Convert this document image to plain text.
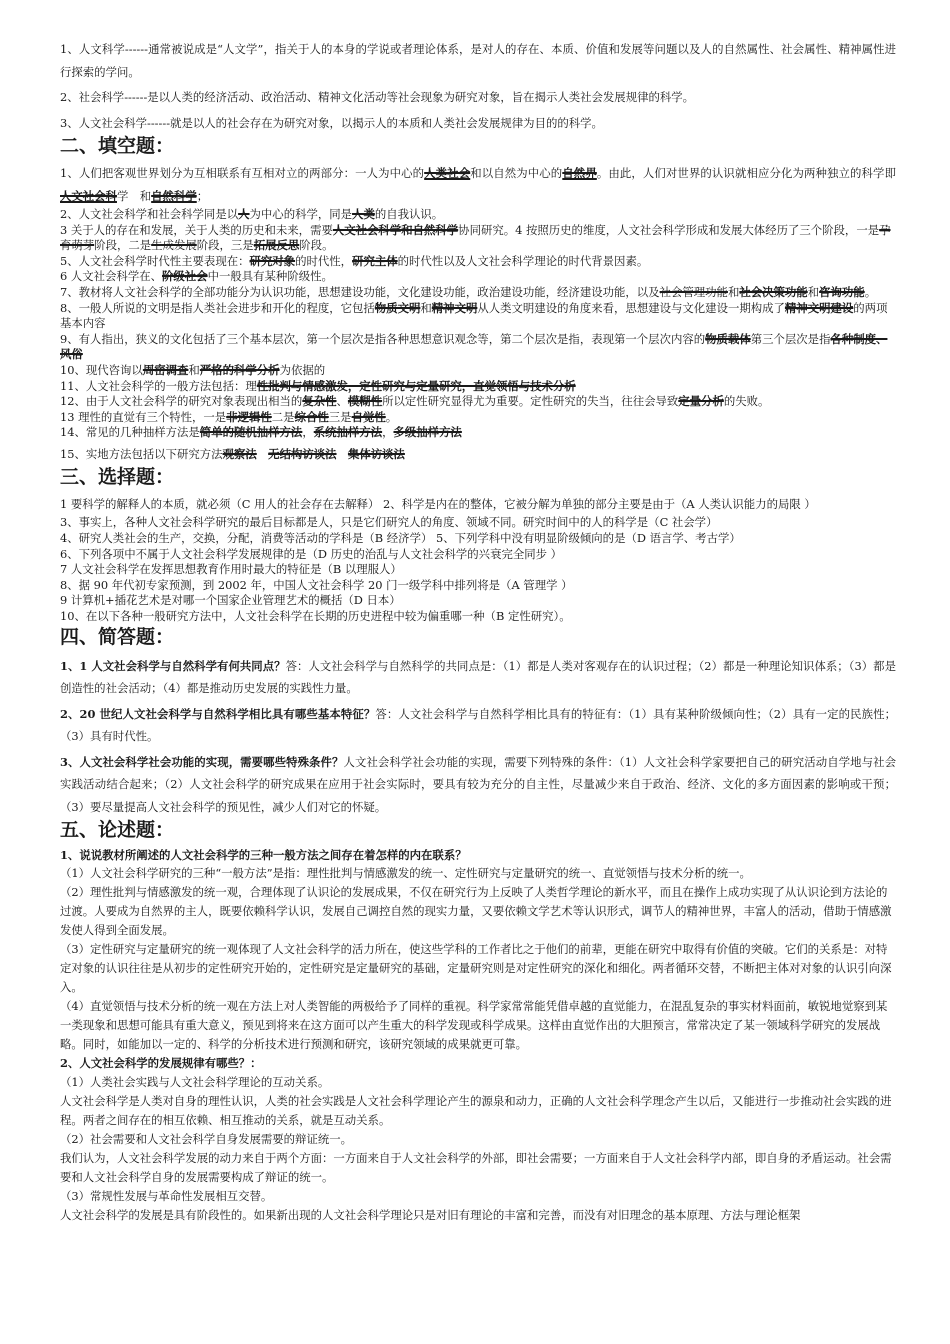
1、人文科学------通常被说成是“人文学”，指关于人的本身的学说或者理论体系，是对人的存在、本质、价值和发展等问题以及人的自然属性、社会属性、精神属性进行探索的学问。

2、社会科学------是以人类的经济活动、政治活动、精神文化活动等社会现象为研究对象，旨在揭示人类社会发展规律的科学。

3、人文社会科学------就是以人的社会存在为研究对象，以揭示人的本质和人类社会发展规律为目的的科学。

二、填空题：

1、人们把客观世界划分为互相联系有互相对立的两部分：一人为中心的人类社会和以自然为中心的自然界。由此，人们对世界的认识就相应分化为两种独立的科学即人文社会科学　和自然科学；

2、人文社会科学和社会科学同是以人为中心的科学，同是人类的自我认识。

3 关于人的存在和发展，关于人类的历史和未来，需要人文社会科学和自然科学协同研究。4 按照历史的维度，人文社会科学形成和发展大体经历了三个阶段，一是孕育萌芽阶段，二是生成发展阶段，三是拓展反思阶段。

5、人文社会科学时代性主要表现在：研究对象的时代性，研究主体的时代性以及人文社会科学理论的时代背景因素。

6 人文社会科学在、阶级社会中一般具有某种阶级性。

7、教材将人文社会科学的全部功能分为认识功能，思想建设功能，文化建设功能，政治建设功能，经济建设功能，以及社会管理功能和社会决策功能和咨询功能。

8、一般人所说的文明是指人类社会进步和开化的程度，它包括物质文明和精神文明从人类文明建设的角度来看，思想建设与文化建设一期构成了精神文明建设的两项基本内容

9、有人指出，狭义的文化包括了三个基本层次，第一个层次是指各种思想意识观念等，第二个层次是指，表现第一个层次内容的物质载体第三个层次是指各种制度、风俗

10、现代咨询以周密调查和严格的科学分析为依据的

11、人文社会科学的一般方法包括：理性批判与情感激发，定性研究与定量研究，直觉领悟与技术分析

12、由于人文社会科学的研究对象表现出相当的复杂性、模糊性所以定性研究显得尤为重要。定性研究的失当，往往会导致定量分析的失败。

13 理性的直觉有三个特性，一是非逻辑性二是综合性三是自觉性。

14、常见的几种抽样方法是简单的随机抽样方法，系统抽样方法，多级抽样方法

15、实地方法包括以下研究方法观察法　 无结构访谈法　 集体访谈法

三、选择题：

1 要科学的解释人的本质，就必须（C 用人的社会存在去解释） 2、科学是内在的整体，它被分解为单独的部分主要是由于（A 人类认识能力的局限 ）

3、事实上，各种人文社会科学研究的最后目标都是人，只是它们研究人的角度、领域不同。研究时间中的人的科学是（C 社会学）

4、研究人类社会的生产，交换，分配，消费等活动的学科是（B 经济学） 5、下列学科中没有明显阶级倾向的是（D 语言学、考古学）

6、下列各项中不属于人文社会科学发展规律的是（D 历史的治乱与人文社会科学的兴衰完全同步 ）

7 人文社会科学在发挥思想教育作用时最大的特征是（B 以理服人）

8、据 90 年代初专家预测，到 2002 年，中国人文社会科学 20 门一级学科中排列将是（A 管理学 ）

9 计算机+插花艺术是对哪一个国家企业管理艺术的概括（D 日本）

10、在以下各种一般研究方法中，人文社会科学在长期的历史进程中较为偏重哪一种（B 定性研究）。

四、简答题：

1、1 人文社会科学与自然科学有何共同点？答：人文社会科学与自然科学的共同点是：（1）都是人类对客观存在的认识过程；（2）都是一种理论知识体系；（3）都是创造性的社会活动；（4）都是推动历史发展的实践性力量。

2、20 世纪人文社会科学与自然科学相比具有哪些基本特征？答：人文社会科学与自然科学相比具有的特征有：（1）具有某种阶级倾向性；（2）具有一定的民族性；（3）具有时代性。

3、人文社会科学社会功能的实现，需要哪些特殊条件？人文社会科学社会功能的实现，需要下列特殊的条件：（1）人文社会科学家要把自己的研究活动自学地与社会实践活动结合起来；（2）人文社会科学的研究成果在应用于社会实际时，要具有较为充分的自主性，尽量减少来自于政治、经济、文化的多方面因素的影响或干预；（3）要尽量提高人文社会科学的预见性，减少人们对它的怀疑。

五、论述题：

1、说说教材所阐述的人文社会科学的三种一般方法之间存在着怎样的内在联系？

（1）人文社会科学研究的三种“一般方法”是指：理性批判与情感激发的统一、定性研究与定量研究的统一、直觉领悟与技术分析的统一。

（2）理性批判与情感激发的统一观，合理体现了认识论的发展成果，不仅在研究行为上反映了人类哲学理论的新水平，而且在操作上成功实现了从认识论到方法论的过渡。人要成为自然界的主人，既要依赖科学认识，发展自己调控自然的现实力量，又要依赖文学艺术等认识形式，调节人的精神世界，丰富人的活动，借助于情感激发使人得到全面发展。

（3）定性研究与定量研究的统一观体现了人文社会科学的活力所在，使这些学科的工作者比之于他们的前辈，更能在研究中取得有价值的突破。它们的关系是：对特定对象的认识往往是从初步的定性研究开始的，定性研究是定量研究的基础，定量研究则是对定性研究的深化和细化。两者循环交替，不断把主体对对象的认识引向深入。

（4）直觉领悟与技术分析的统一观在方法上对人类智能的两极给予了同样的重视。科学家常常能凭借卓越的直觉能力，在混乱复杂的事实材料面前，敏锐地觉察到某一类现象和思想可能具有重大意义，预见到将来在这方面可以产生重大的科学发现或科学成果。这样由直觉作出的大胆预言，常常决定了某一领域科学研究的发展战略。同时，如能加以一定的、科学的分析技术进行预测和研究，该研究领域的成果就更可靠。

2、人文社会科学的发展规律有哪些？：

（1）人类社会实践与人文社会科学理论的互动关系。

人文社会科学是人类对自身的理性认识，人类的社会实践是人文社会科学理论产生的源泉和动力，正确的人文社会科学理念产生以后，又能进行一步推动社会实践的进程。两者之间存在的相互依赖、相互推动的关系，就是互动关系。

（2）社会需要和人文社会科学自身发展需要的辩证统一。

我们认为，人文社会科学发展的动力来自于两个方面：一方面来自于人文社会科学的外部，即社会需要；一方面来自于人文社会科学内部，即自身的矛盾运动。社会需要和人文社会科学自身的发展需要构成了辩证的统一。

（3）常规性发展与革命性发展相互交替。

人文社会科学的发展是具有阶段性的。如果新出现的人文社会科学理论只是对旧有理论的丰富和完善，而没有对旧理念的基本原理、方法与理论框架
